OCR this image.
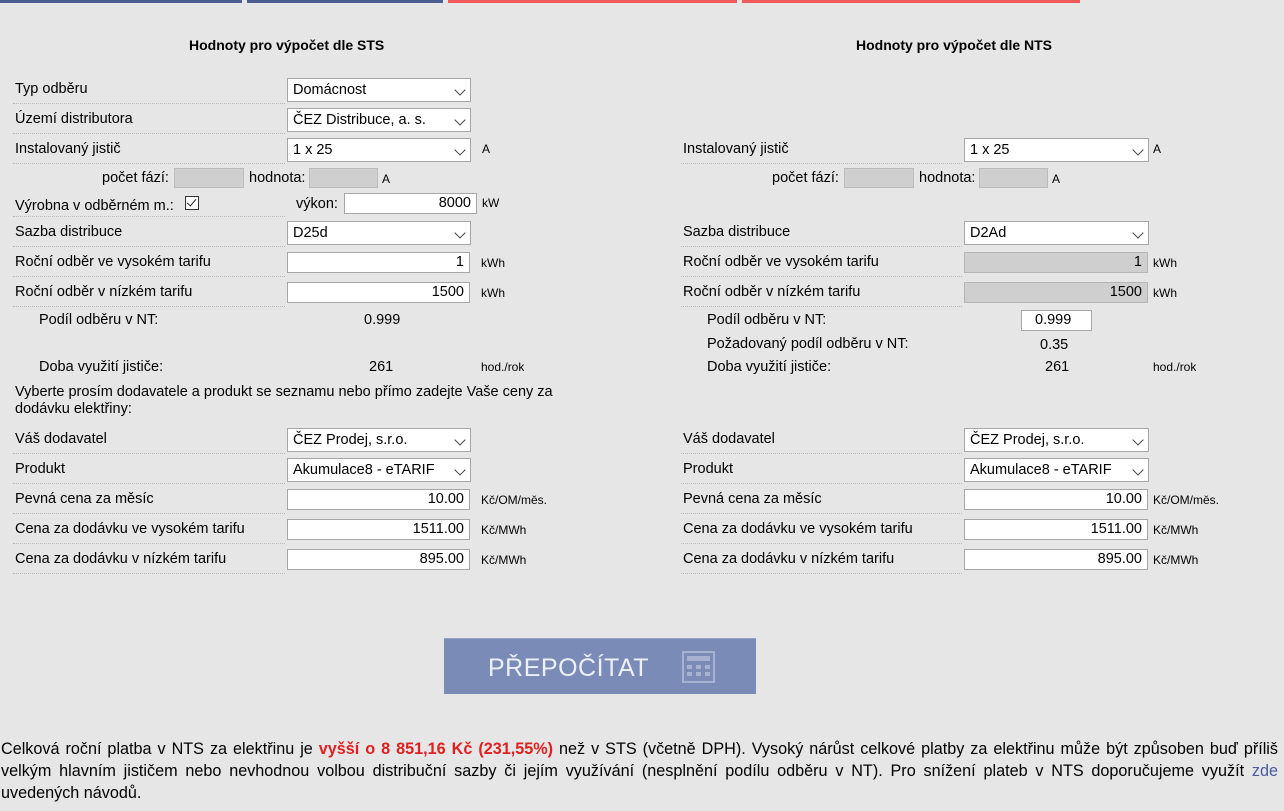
Hodnoty pro výpočet dle STS
Typ odběru	Domácnost
Území distributora	ČEZ Distribuce, a. s.
Instalovaný jistič	1 x 25	A
počet fází:	hodnota:	A
Výrobna v odběrném m.:	výkon:	8000 kW
Sazba distribuce	D25d
Roční odběr ve vysokém tarifu	1	kWh
Roční odběr v nízkém tarifu	1500	kWh
Podíl odběru v NT:	0.999
Doba využití jističe:	261	hod./rok
Vyberte prosím dodavatele a produkt se seznamu nebo přímo zadejte Vaše ceny za dodávku elektřiny:
Váš dodavatel	ČEZ Prodej, s.r.o.
Produkt	Akumulace8 - eTARIF
Pevná cena za měsíc	10.00	Kč/OM/měs.
Cena za dodávku ve vysokém tarifu	1511.00	Kč/MWh
Cena za dodávku v nízkém tarifu	895.00	Kč/MWh
Hodnoty pro výpočet dle NTS
Instalovaný jistič	1 x 25	A
počet fází:	hodnota:	A
Sazba distribuce	D2Ad
Roční odběr ve vysokém tarifu	1 kWh
Roční odběr v nízkém tarifu	1500 kWh
Podíl odběru v NT:	0.999
Požadovaný podíl odběru v NT:	0.35
Doba využití jističe:	261	hod./rok
Váš dodavatel	ČEZ Prodej, s.r.o.
Produkt	Akumulace8 - eTARIF
Pevná cena za měsíc	10.00 Kč/OM/měs.
Cena za dodávku ve vysokém tarifu	1511.00 Kč/MWh
Cena za dodávku v nízkém tarifu	895.00 Kč/MWh
PŘEPOČÍTAT
Celková roční platba v NTS za elektřinu je vyšší o 8 851,16 Kč (231,55%) než v STS (včetně DPH). Vysoký nárůst celkové platby za elektřinu může být způsoben buď příliš velkým hlavním jističem nebo nevhodnou volbou distribuční sazby či jejím využívání (nesplnění podílu odběru v NT). Pro snížení plateb v NTS doporučujeme využít zde uvedených návodů.
